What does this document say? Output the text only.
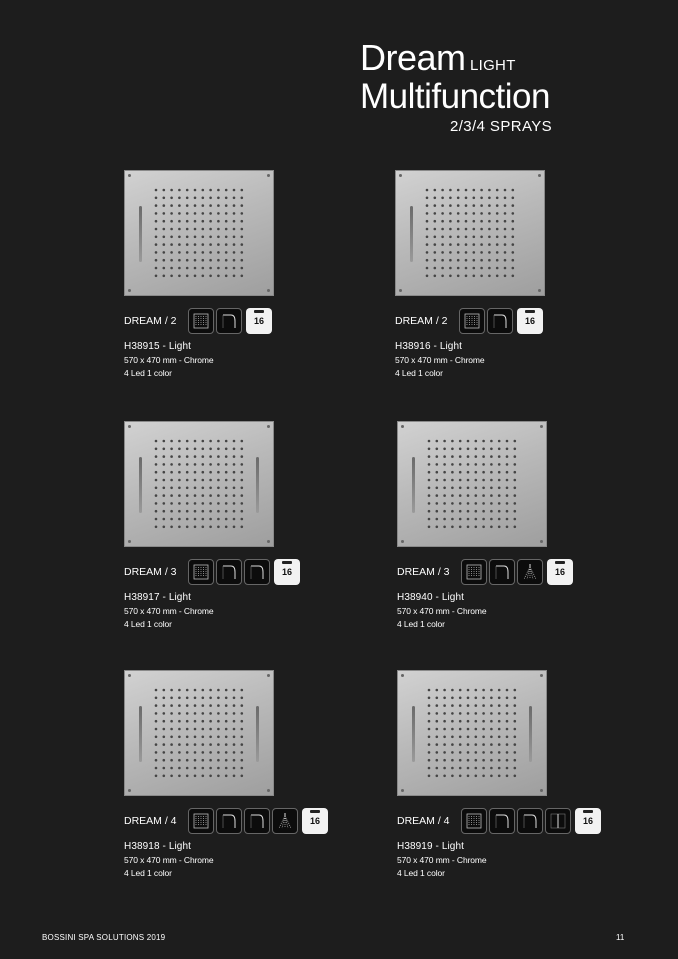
Dream LIGHT
Multifunction
2/3/4 SPRAYS
DREAM / 2	16
H38915 - Light
570 x 470 mm - Chrome
4 Led 1 color
DREAM / 2	16
H38916 - Light
570 x 470 mm - Chrome
4 Led 1 color
DREAM / 3	16
H38917 - Light
570 x 470 mm - Chrome
4 Led 1 color
DREAM / 3	16
H38940 - Light
570 x 470 mm - Chrome
4 Led 1 color
DREAM / 4	16
H38918 - Light
570 x 470 mm - Chrome
4 Led 1 color
DREAM / 4	16
H38919 - Light
570 x 470 mm - Chrome
4 Led 1 color
BOSSINI SPA SOLUTIONS 2019	11
